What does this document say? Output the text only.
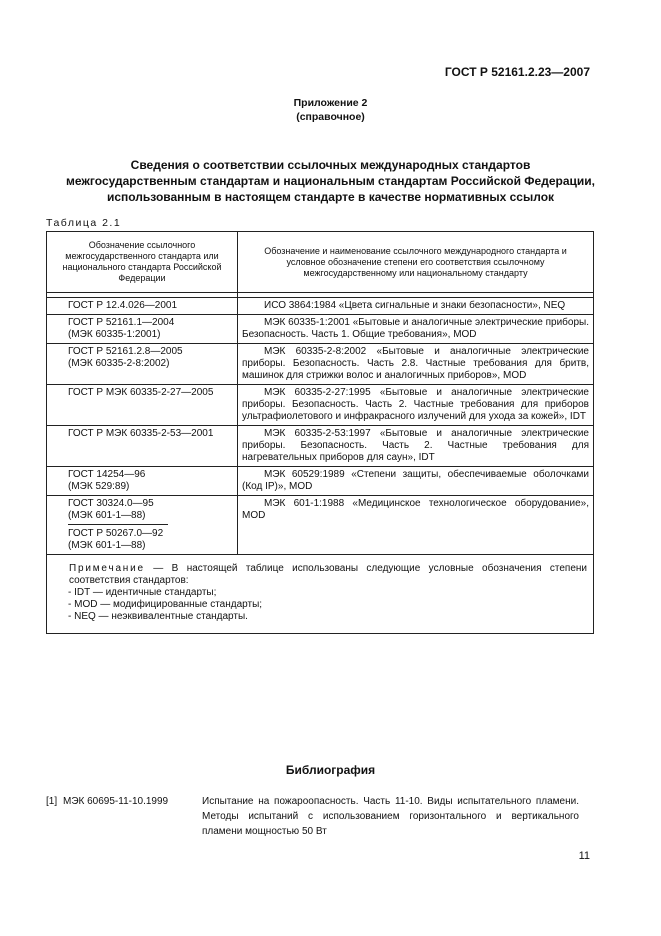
ГОСТ Р 52161.2.23—2007
Приложение 2
(справочное)
Сведения о соответствии ссылочных международных стандартов
межгосударственным стандартам и национальным стандартам Российской Федерации,
использованным в настоящем стандарте в качестве нормативных ссылок
Таблица 2.1
Обозначение ссылочного межгосударственного стандарта или национального стандарта Российской Федерации	Обозначение и наименование ссылочного международного стандарта и условное обозначение степени его соответствия ссылочному межгосударственному или национальному стандарту

ГОСТ Р 12.4.026—2001	ИСО 3864:1984 «Цвета сигнальные и знаки безопасности», NEQ

ГОСТ Р 52161.1—2004
(МЭК 60335-1:2001)	МЭК 60335-1:2001 «Бытовые и аналогичные электрические приборы. Безопасность. Часть 1. Общие требования», MOD

ГОСТ Р 52161.2.8—2005
(МЭК 60335-2-8:2002)	МЭК 60335-2-8:2002 «Бытовые и аналогичные электрические приборы. Безопасность. Часть 2.8. Частные требования для бритв, машинок для стрижки волос и аналогичных приборов», MOD

ГОСТ Р МЭК 60335-2-27—2005	МЭК 60335-2-27:1995 «Бытовые и аналогичные электрические приборы. Безопасность. Часть 2. Частные требования для приборов ультрафиолетового и инфракрасного излучений для ухода за кожей», IDT

ГОСТ Р МЭК 60335-2-53—2001	МЭК 60335-2-53:1997 «Бытовые и аналогичные электрические приборы. Безопасность. Часть 2. Частные требования для нагревательных приборов для саун», IDT

ГОСТ 14254—96
(МЭК 529:89)	МЭК 60529:1989 «Степени защиты, обеспечиваемые оболочками (Код IP)», MOD

ГОСТ 30324.0—95
(МЭК 601-1—88)
ГОСТ Р 50267.0—92
(МЭК 601-1—88)	МЭК 601-1:1988 «Медицинское технологическое оборудование», MOD

Примечание — В настоящей таблице использованы следующие условные обозначения степени соответствия стандартов:
- IDT — идентичные стандарты;
- MOD — модифицированные стандарты;
- NEQ — неэквивалентные стандарты.	
Библиография
[1] МЭК 60695-11-10.1999	Испытание на пожароопасность. Часть 11-10. Виды испытательного пламени. Методы испытаний с использованием горизонтального и вертикального пламени мощностью 50 Вт
11
